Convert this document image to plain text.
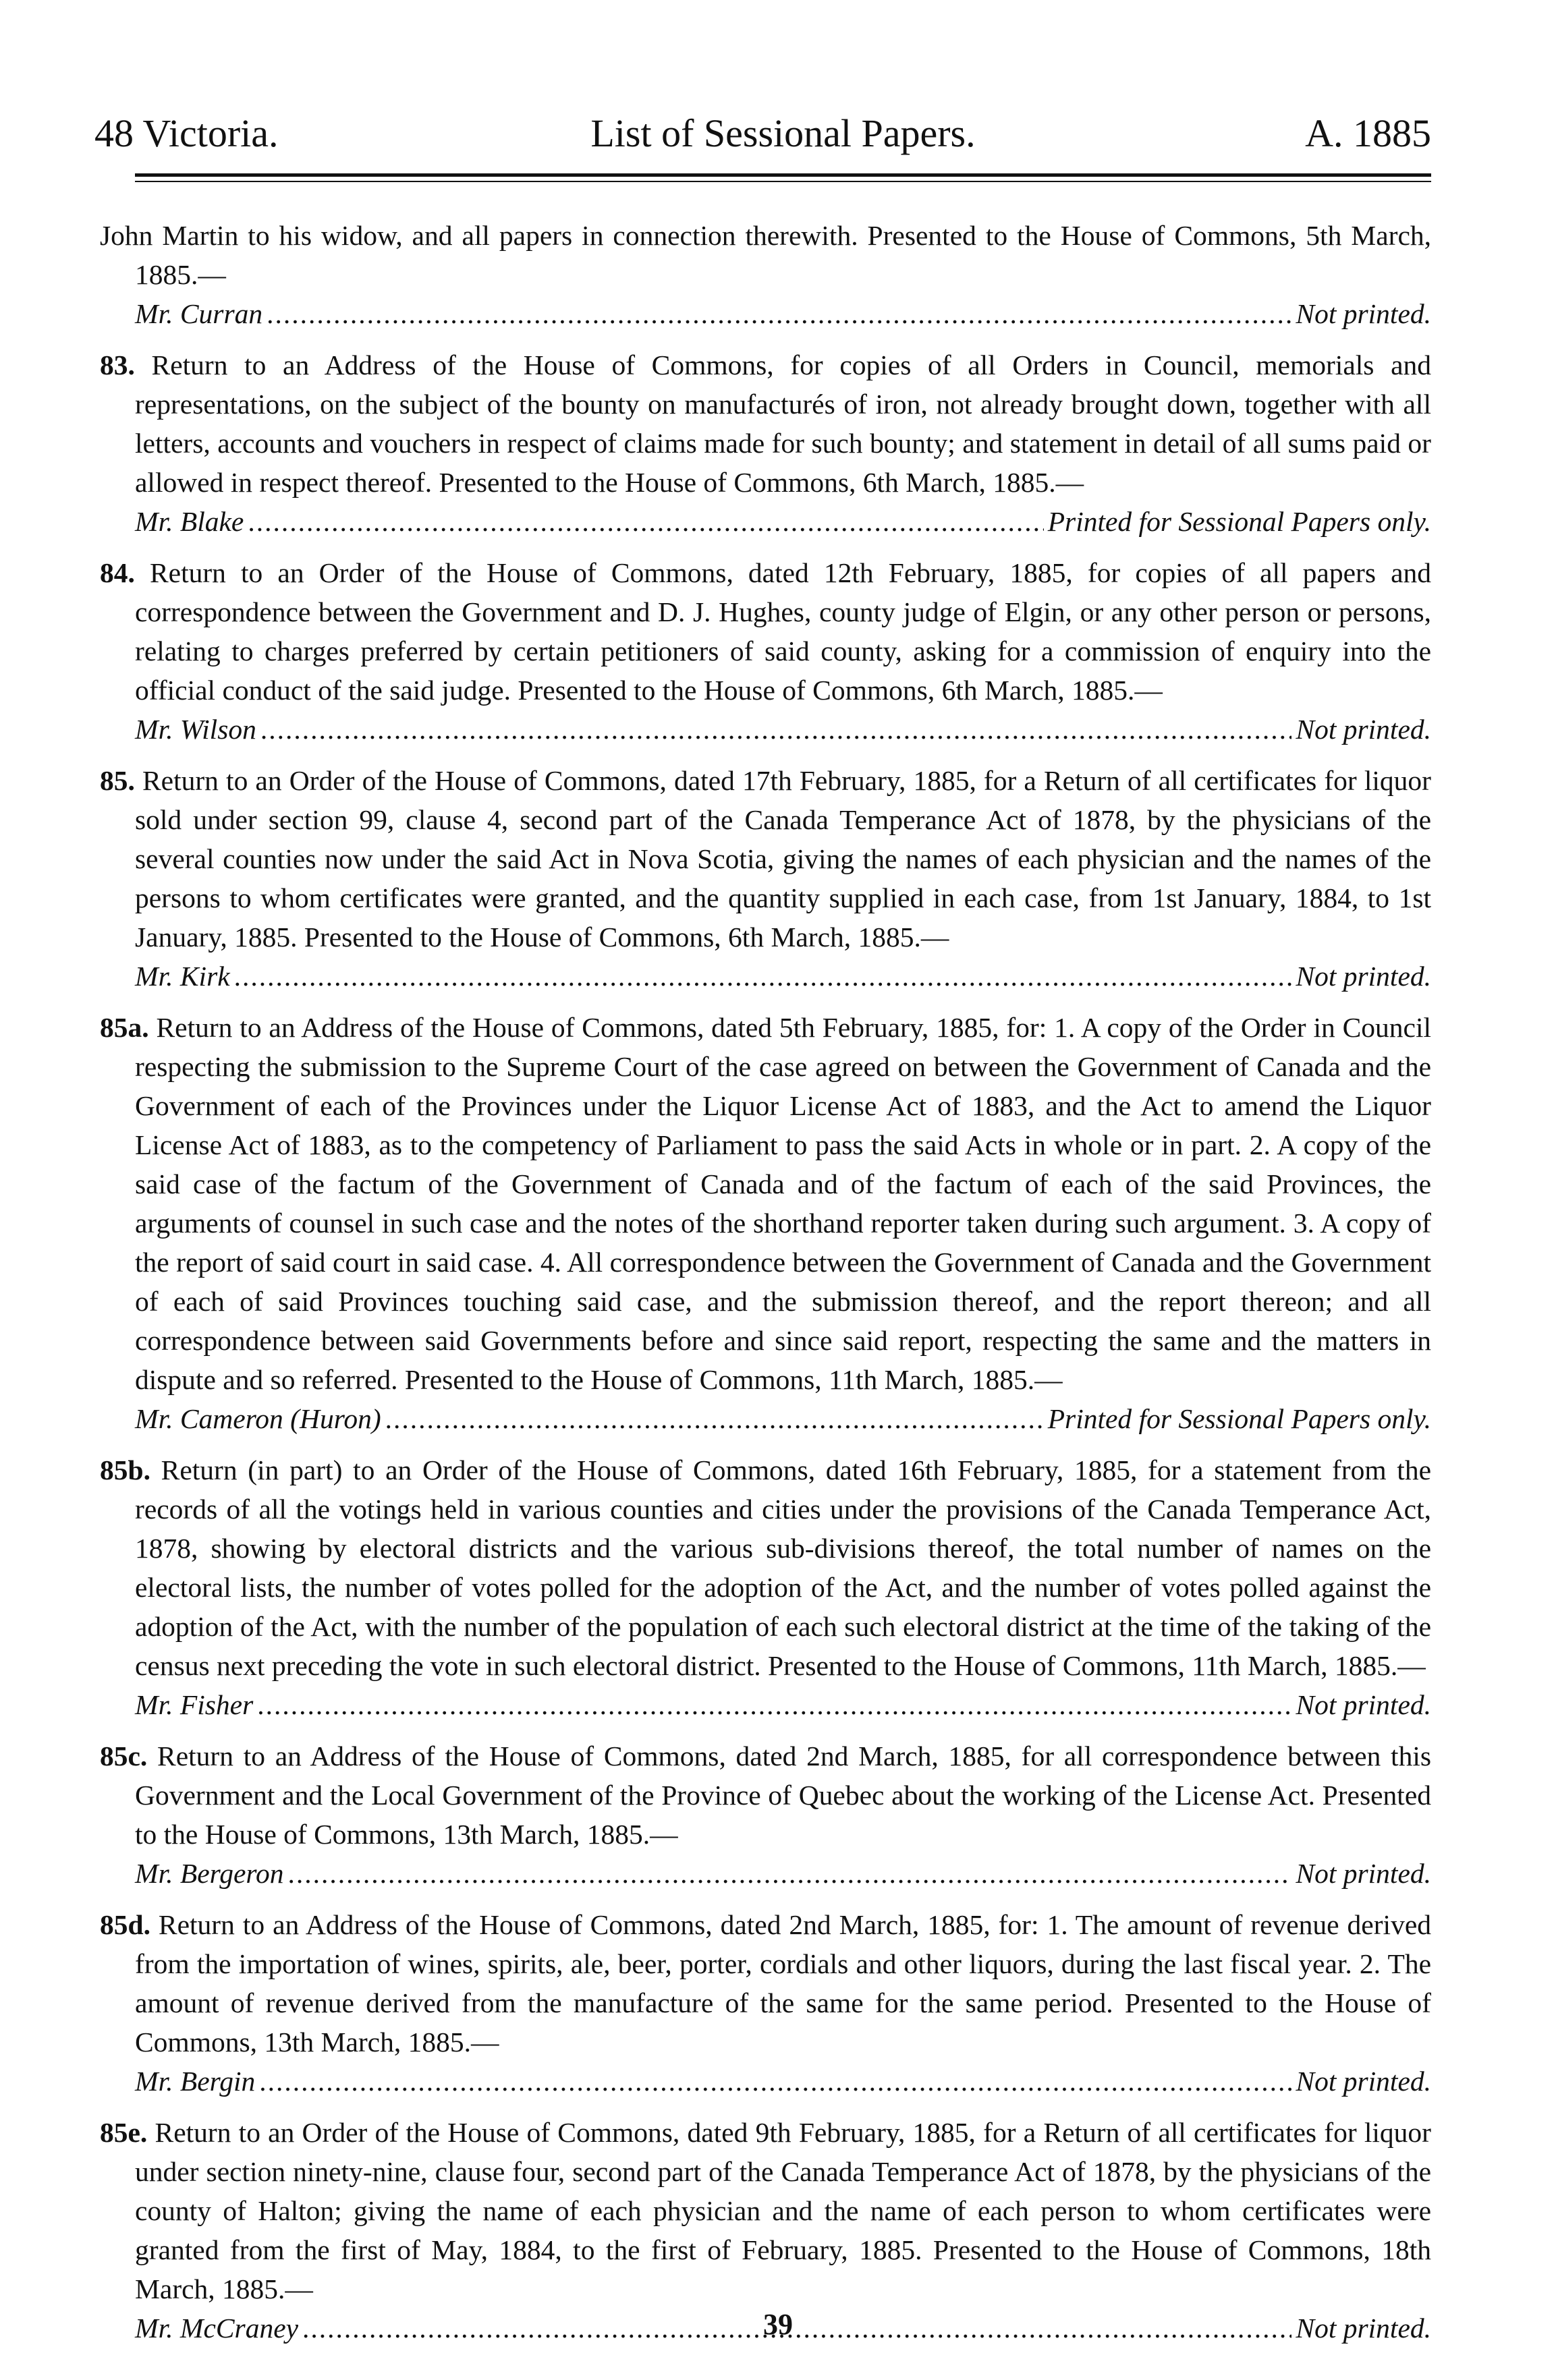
48 Victoria.	List of Sessional Papers.	A. 1885
John Martin to his widow, and all papers in connection therewith. Presented to the House of Commons, 5th March, 1885.—
Mr. Curran .....	Not printed.
83. Return to an Address of the House of Commons, for copies of all Orders in Council, memorials and representations, on the subject of the bounty on manufacturés of iron, not already brought down, together with all letters, accounts and vouchers in respect of claims made for such bounty; and statement in detail of all sums paid or allowed in respect thereof. Presented to the House of Commons, 6th March, 1885.—
Mr. Blake .....	Printed for Sessional Papers only.
84. Return to an Order of the House of Commons, dated 12th February, 1885, for copies of all papers and correspondence between the Government and D. J. Hughes, county judge of Elgin, or any other person or persons, relating to charges preferred by certain petitioners of said county, asking for a commission of enquiry into the official conduct of the said judge. Presented to the House of Commons, 6th March, 1885.—
Mr. Wilson .....	Not printed.
85. Return to an Order of the House of Commons, dated 17th February, 1885, for a Return of all certificates for liquor sold under section 99, clause 4, second part of the Canada Temperance Act of 1878, by the physicians of the several counties now under the said Act in Nova Scotia, giving the names of each physician and the names of the persons to whom certificates were granted, and the quantity supplied in each case, from 1st January, 1884, to 1st January, 1885. Presented to the House of Commons, 6th March, 1885.—
Mr. Kirk .....	Not printed.
85a. Return to an Address of the House of Commons, dated 5th February, 1885, for: 1. A copy of the Order in Council respecting the submission to the Supreme Court of the case agreed on between the Government of Canada and the Government of each of the Provinces under the Liquor License Act of 1883, and the Act to amend the Liquor License Act of 1883, as to the competency of Parliament to pass the said Acts in whole or in part. 2. A copy of the said case of the factum of the Government of Canada and of the factum of each of the said Provinces, the arguments of counsel in such case and the notes of the shorthand reporter taken during such argument. 3. A copy of the report of said court in said case. 4. All correspondence between the Government of Canada and the Government of each of said Provinces touching said case, and the submission thereof, and the report thereon; and all correspondence between said Governments before and since said report, respecting the same and the matters in dispute and so referred. Presented to the House of Commons, 11th March, 1885.—
Mr. Cameron (Huron) .....	Printed for Sessional Papers only.
85b. Return (in part) to an Order of the House of Commons, dated 16th February, 1885, for a statement from the records of all the votings held in various counties and cities under the provisions of the Canada Temperance Act, 1878, showing by electoral districts and the various sub-divisions thereof, the total number of names on the electoral lists, the number of votes polled for the adoption of the Act, and the number of votes polled against the adoption of the Act, with the number of the population of each such electoral district at the time of the taking of the census next preceding the vote in such electoral district. Presented to the House of Commons, 11th March, 1885.—
Mr. Fisher .....	Not printed.
85c. Return to an Address of the House of Commons, dated 2nd March, 1885, for all correspondence between this Government and the Local Government of the Province of Quebec about the working of the License Act. Presented to the House of Commons, 13th March, 1885.—
Mr. Bergeron .....	Not printed.
85d. Return to an Address of the House of Commons, dated 2nd March, 1885, for: 1. The amount of revenue derived from the importation of wines, spirits, ale, beer, porter, cordials and other liquors, during the last fiscal year. 2. The amount of revenue derived from the manufacture of the same for the same period. Presented to the House of Commons, 13th March, 1885.—
Mr. Bergin .....	Not printed.
85e. Return to an Order of the House of Commons, dated 9th February, 1885, for a Return of all certificates for liquor under section ninety-nine, clause four, second part of the Canada Temperance Act of 1878, by the physicians of the county of Halton; giving the name of each physician and the name of each person to whom certificates were granted from the first of May, 1884, to the first of February, 1885. Presented to the House of Commons, 18th March, 1885.—
Mr. McCraney .....	Not printed.
39
